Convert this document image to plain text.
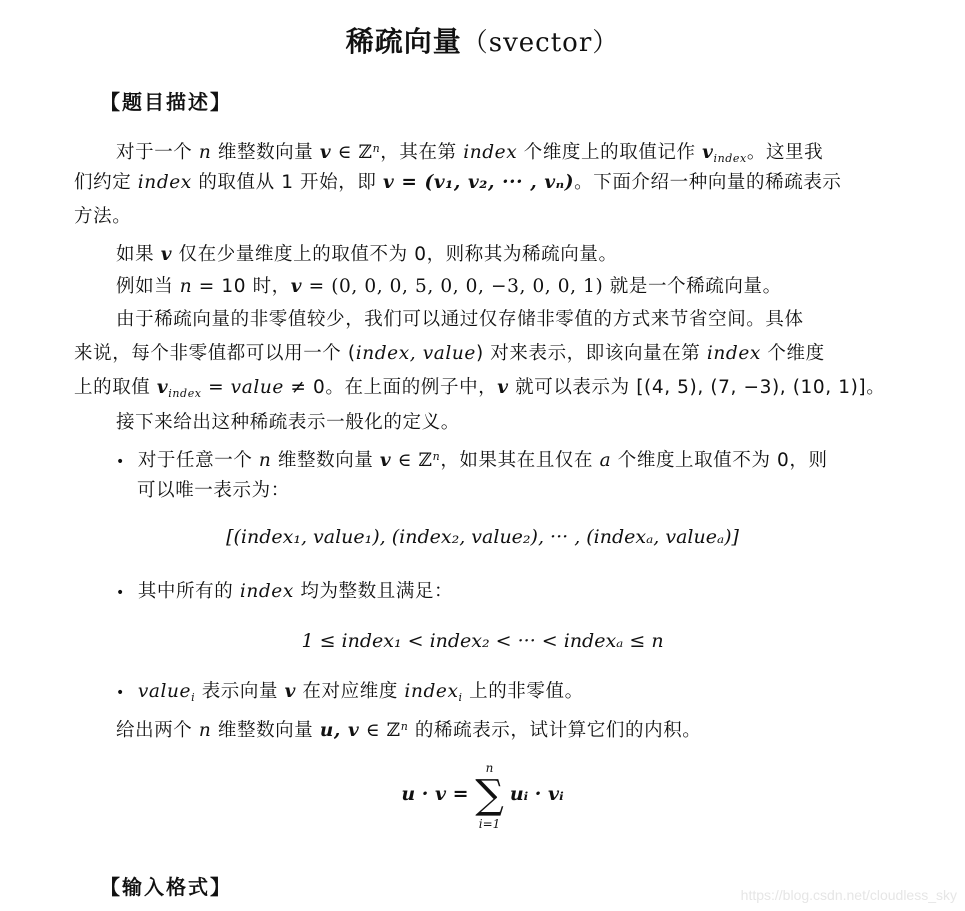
稀疏向量（svector）
【题目描述】
对于一个 n 维整数向量 v ∈ ℤ$^n$，其在第 index 个维度上的取值记作 $v_{index}$。这里我
们约定 index 的取值从 1 开始，即 v = (v₁, v₂, ··· , vₙ)。下面介绍一种向量的稀疏表示
方法。
如果 v 仅在少量维度上的取值不为 0，则称其为稀疏向量。
例如当 n = 10 时，v = (0, 0, 0, 5, 0, 0, −3, 0, 0, 1) 就是一个稀疏向量。
由于稀疏向量的非零值较少，我们可以通过仅存储非零值的方式来节省空间。具体
来说，每个非零值都可以用一个 (index, value) 对来表示，即该向量在第 index 个维度
上的取值 $v_{index}$ = value ≠ 0。在上面的例子中，v 就可以表示为 [(4, 5), (7, −3), (10, 1)]。
接下来给出这种稀疏表示一般化的定义。
• 对于任意一个 n 维整数向量 v ∈ ℤ$^n$，如果其在且仅在 a 个维度上取值不为 0，则
可以唯一表示为：
[(index₁, value₁), (index₂, value₂), ··· , (indexₐ, valueₐ)]
• 其中所有的 index 均为整数且满足：
1 ≤ index₁ < index₂ < ··· < indexₐ ≤ n
• value$_i$ 表示向量 v 在对应维度 index$_i$ 上的非零值。
给出两个 n 维整数向量 u, v ∈ ℤ$^n$ 的稀疏表示，试计算它们的内积。
u · v =
n
∑
i=1
uᵢ · vᵢ
【输入格式】	https://blog.csdn.net/cloudless_sky
